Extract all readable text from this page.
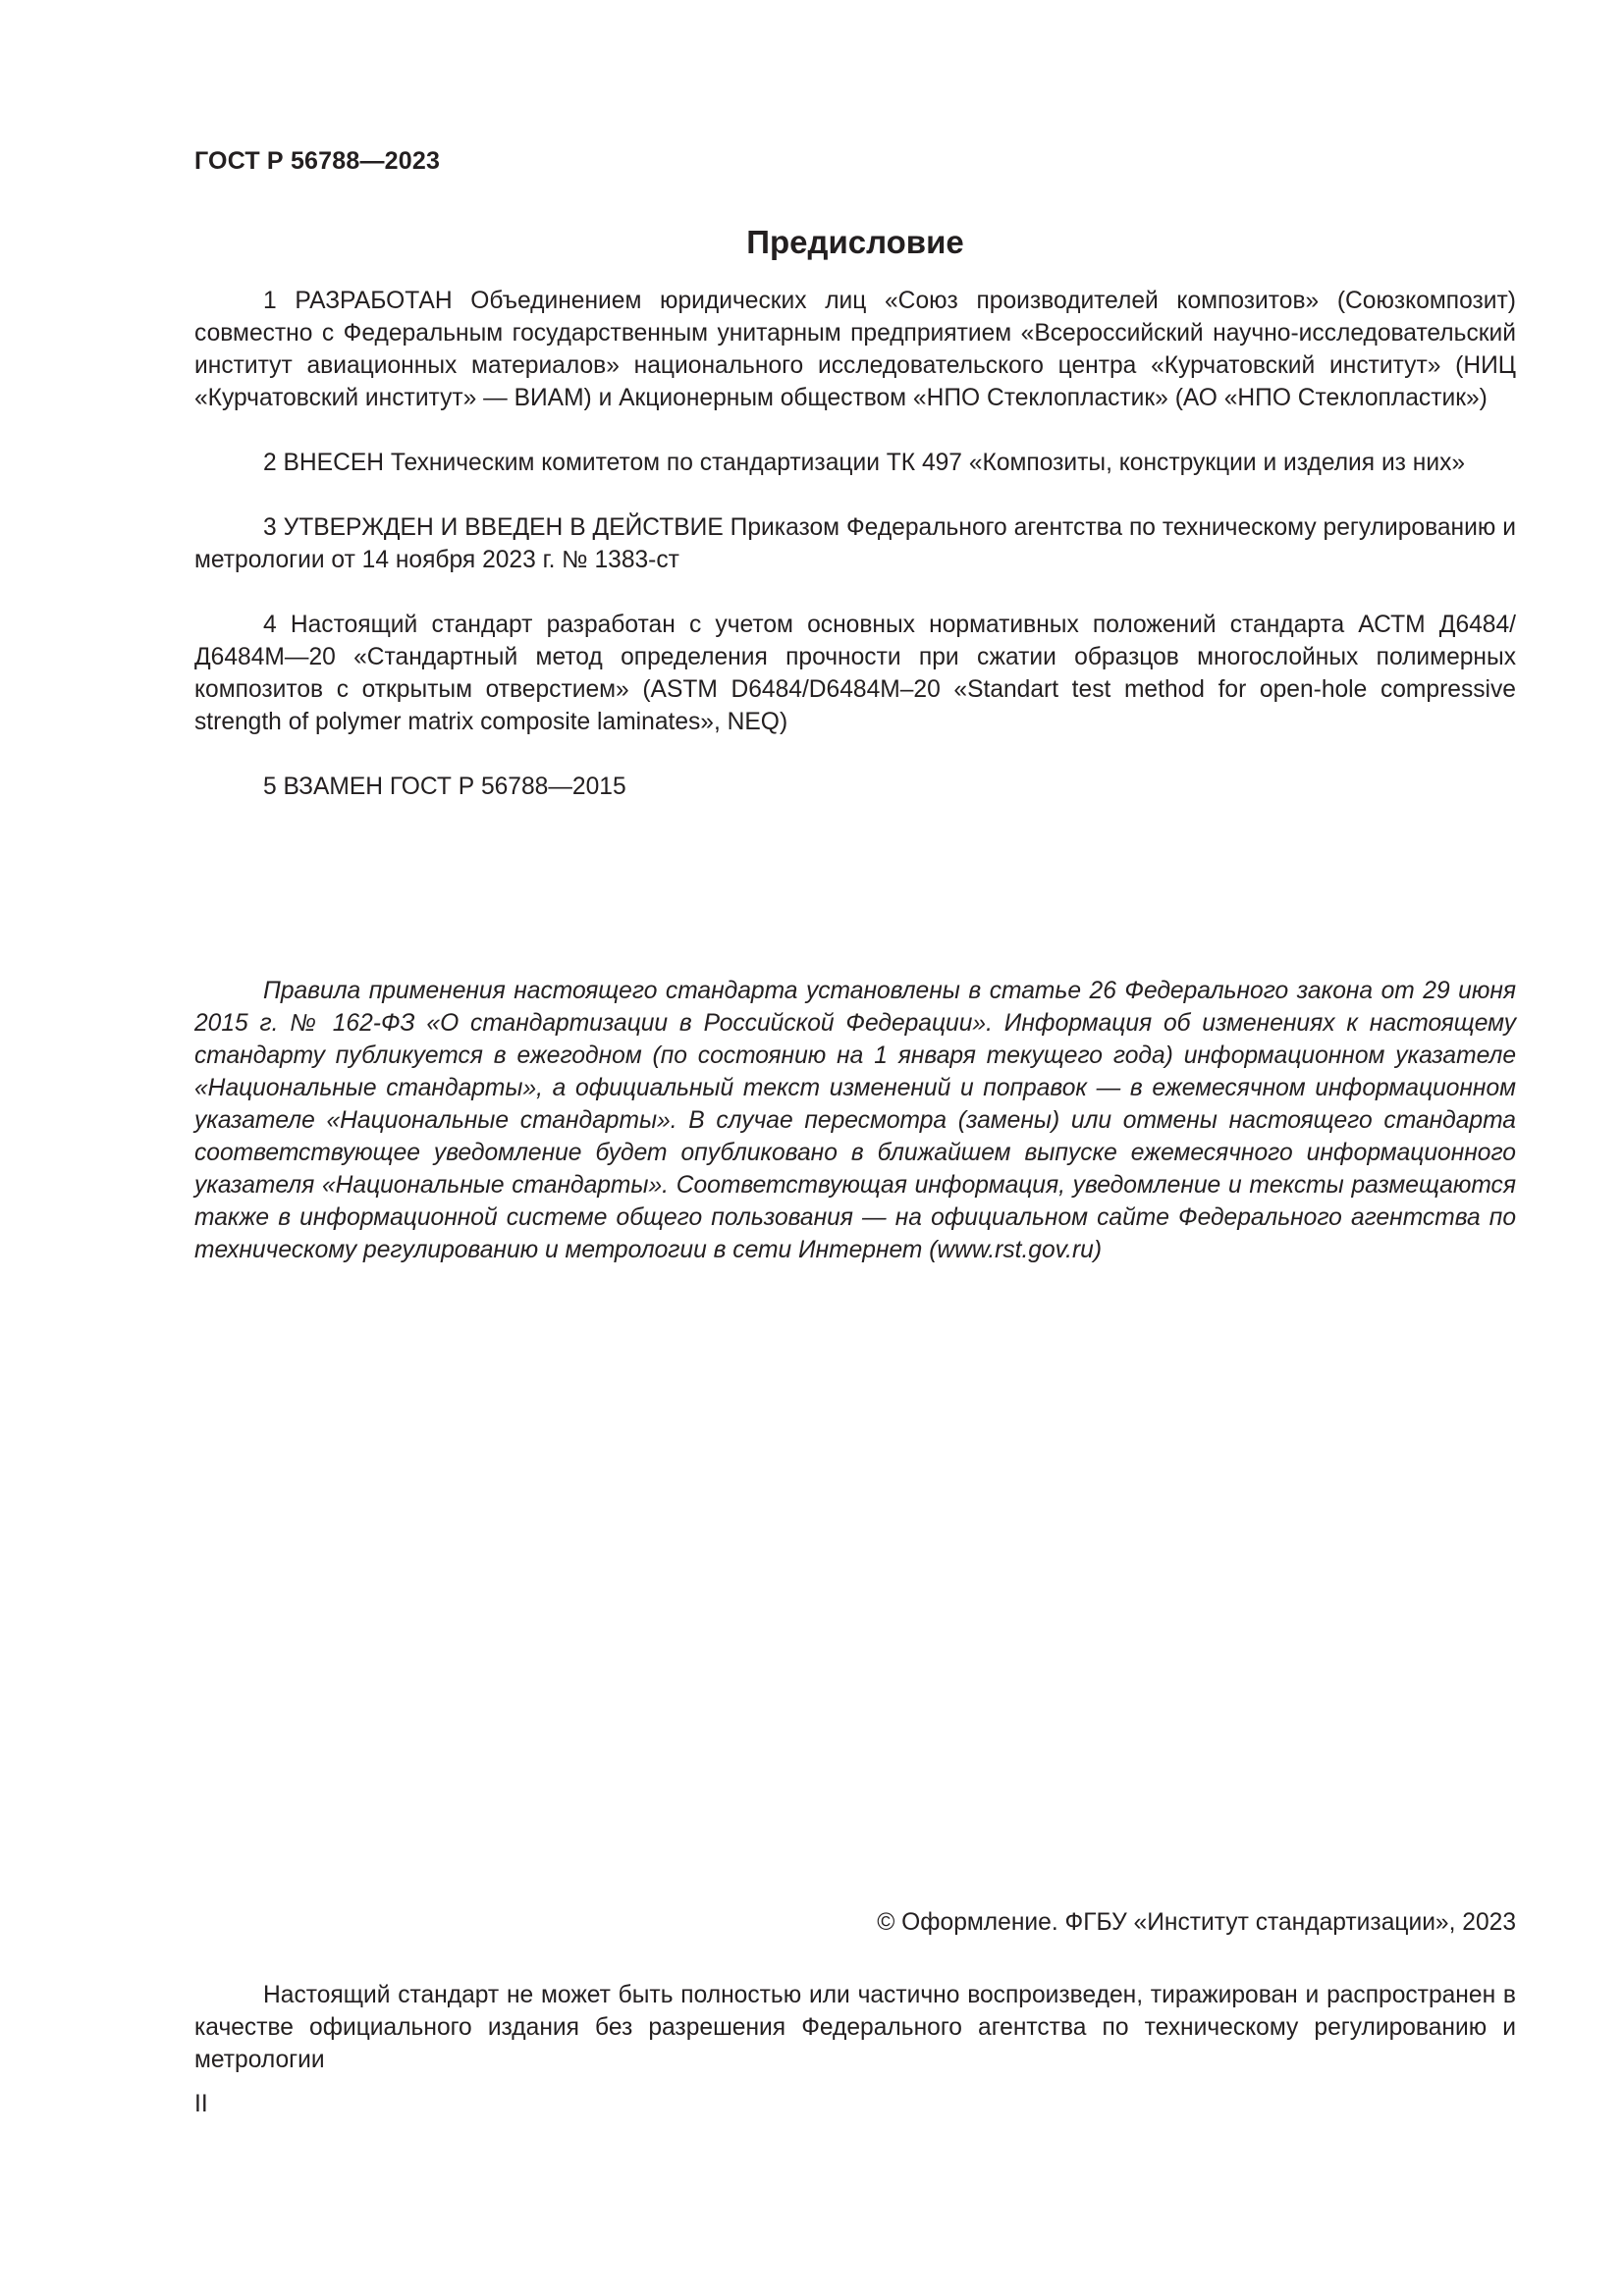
ГОСТ Р 56788—2023
Предисловие

1 РАЗРАБОТАН Объединением юридических лиц «Союз производителей композитов» (Союзкомпозит) совместно с Федеральным государственным унитарным предприятием «Всероссийский научно-исследовательский институт авиационных материалов» национального исследовательского центра «Курчатовский институт» (НИЦ «Курчатовский институт» — ВИАМ) и Акционерным обществом «НПО Стеклопластик» (АО «НПО Стеклопластик»)

2 ВНЕСЕН Техническим комитетом по стандартизации ТК 497 «Композиты, конструкции и изделия из них»

3 УТВЕРЖДЕН И ВВЕДЕН В ДЕЙСТВИЕ Приказом Федерального агентства по техническому регулированию и метрологии от 14 ноября 2023 г. № 1383-ст

4 Настоящий стандарт разработан с учетом основных нормативных положений стандарта АСТМ Д6484/Д6484М—20 «Стандартный метод определения прочности при сжатии образцов многослойных полимерных композитов с открытым отверстием» (ASTM D6484/D6484M–20 «Standart test method for open-hole compressive strength of polymer matrix composite laminates», NEQ)

5 ВЗАМЕН ГОСТ Р 56788—2015

Правила применения настоящего стандарта установлены в статье 26 Федерального закона от 29 июня 2015 г. № 162-ФЗ «О стандартизации в Российской Федерации». Информация об изменениях к настоящему стандарту публикуется в ежегодном (по состоянию на 1 января текущего года) информационном указателе «Национальные стандарты», а официальный текст изменений и поправок — в ежемесячном информационном указателе «Национальные стандарты». В случае пересмотра (замены) или отмены настоящего стандарта соответствующее уведомление будет опубликовано в ближайшем выпуске ежемесячного информационного указателя «Национальные стандарты». Соответствующая информация, уведомление и тексты размещаются также в информационной системе общего пользования — на официальном сайте Федерального агентства по техническому регулированию и метрологии в сети Интернет (www.rst.gov.ru)

© Оформление. ФГБУ «Институт стандартизации», 2023

Настоящий стандарт не может быть полностью или частично воспроизведен, тиражирован и распространен в качестве официального издания без разрешения Федерального агентства по техническому регулированию и метрологии

II
